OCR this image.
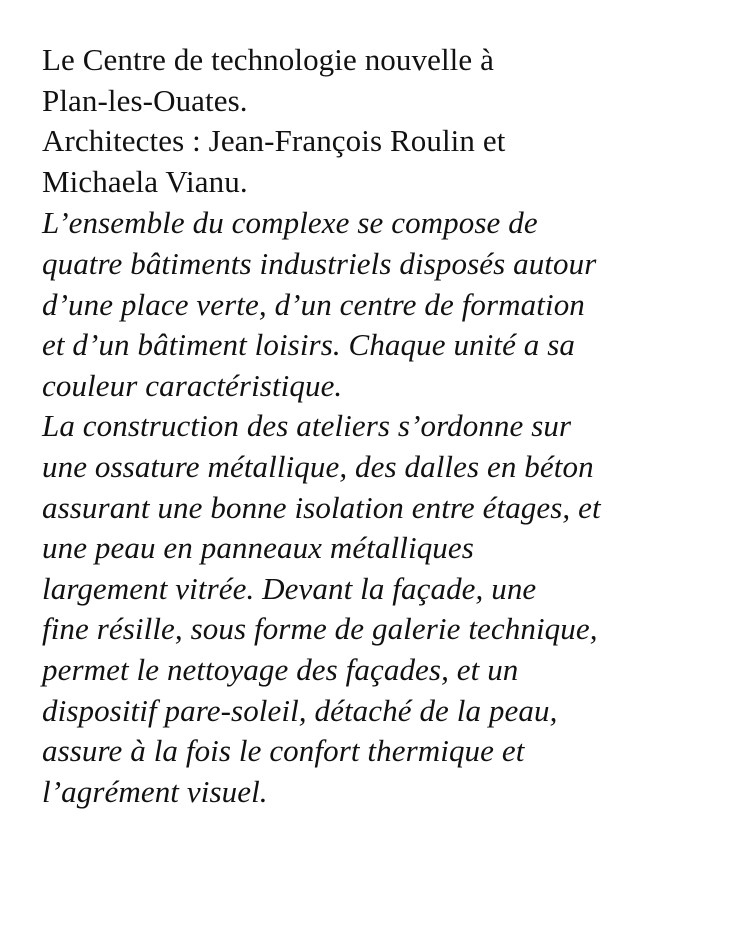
Le Centre de technologie nouvelle à
Plan-les-Ouates.
Architectes : Jean-François Roulin et
Michaela Vianu.
L’ensemble du complexe se compose de
quatre bâtiments industriels disposés autour
d’une place verte, d’un centre de formation
et d’un bâtiment loisirs. Chaque unité a sa
couleur caractéristique.
La construction des ateliers s’ordonne sur
une ossature métallique, des dalles en béton
assurant une bonne isolation entre étages, et
une peau en panneaux métalliques
largement vitrée. Devant la façade, une
fine résille, sous forme de galerie technique,
permet le nettoyage des façades, et un
dispositif pare-soleil, détaché de la peau,
assure à la fois le confort thermique et
l’agrément visuel.
